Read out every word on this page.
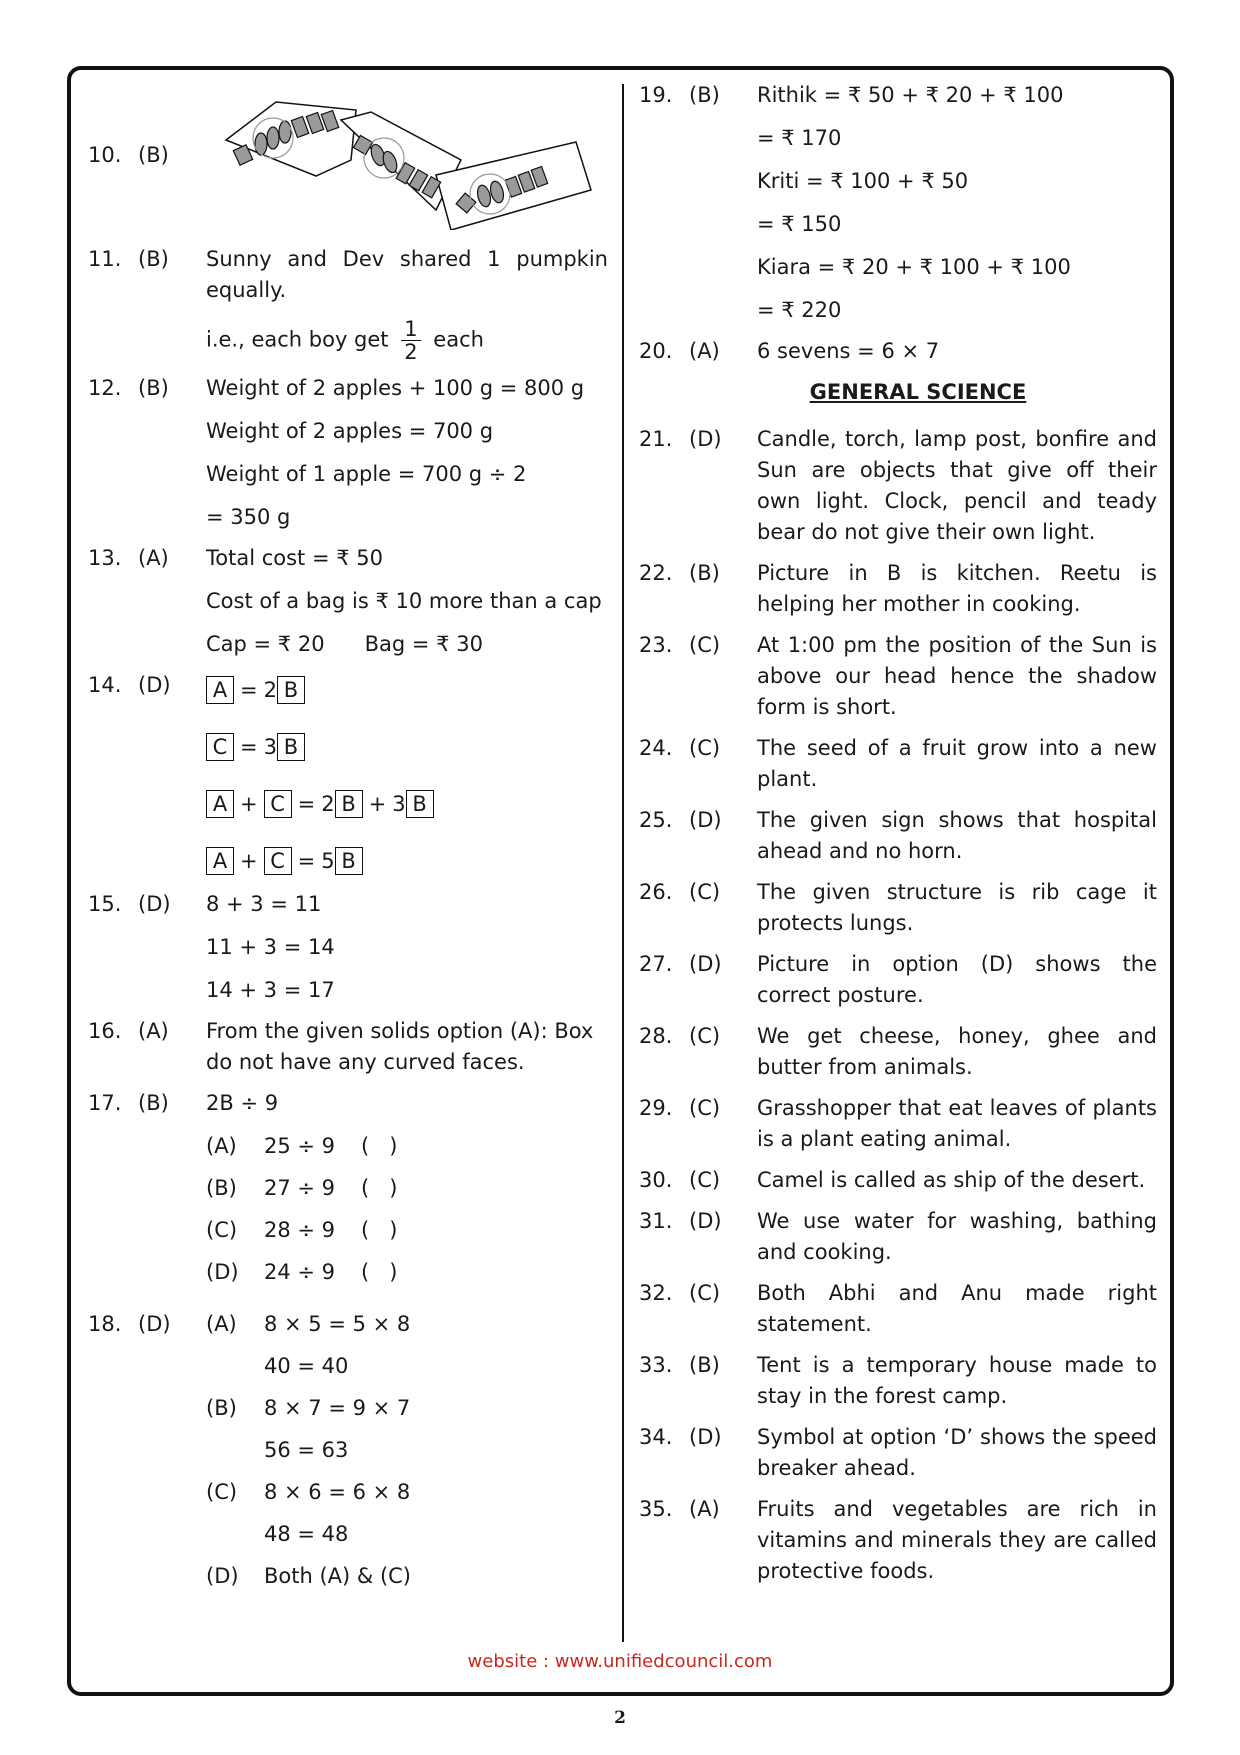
10. (B)
11. (B)	Sunny and Dev shared 1 pumpkin equally.
i.e., each boy get $\frac{1}{2}$ each
12. (B)	Weight of 2 apples + 100 g = 800 g
Weight of 2 apples = 700 g
Weight of 1 apple = 700 g ÷ 2
= 350 g
13. (A)	Total cost = ₹ 50
Cost of a bag is ₹ 10 more than a cap
Cap = ₹ 20      Bag = ₹ 30
14. (D)	A = 2 B
C = 3 B
A + C = 2 B + 3 B
A + C = 5 B
15. (D)	8 + 3 = 11
11 + 3 = 14
14 + 3 = 17
16. (A)	From the given solids option (A): Box do not have any curved faces.
17. (B)	2B ÷ 9
(A)	25 ÷ 9 (   )
(B)	27 ÷ 9 (   )
(C)	28 ÷ 9 (   )
(D)	24 ÷ 9 (   )
18. (D)	(A)	8 × 5 = 5 × 8
40 = 40
(B)	8 × 7 = 9 × 7
56 = 63
(C)	8 × 6 = 6 × 8
48 = 48
(D)	Both (A) & (C)
19. (B)	Rithik = ₹ 50 + ₹ 20 + ₹ 100
= ₹ 170
Kriti = ₹ 100 + ₹ 50
= ₹ 150
Kiara = ₹ 20 + ₹ 100 + ₹ 100
= ₹ 220
20. (A)	6 sevens = 6 × 7
GENERAL SCIENCE
21. (D)	Candle, torch, lamp post, bonfire and Sun are objects that give off their own light. Clock, pencil and teady bear do not give their own light.
22. (B)	Picture in B is kitchen. Reetu is helping her mother in cooking.
23. (C)	At 1:00 pm the position of the Sun is above our head hence the shadow form is short.
24. (C)	The seed of a fruit grow into a new plant.
25. (D)	The given sign shows that hospital ahead and no horn.
26. (C)	The given structure is rib cage it protects lungs.
27. (D)	Picture in option (D) shows the correct posture.
28. (C)	We get cheese, honey, ghee and butter from animals.
29. (C)	Grasshopper that eat leaves of plants is a plant eating animal.
30. (C)	Camel is called as ship of the desert.
31. (D)	We use water for washing, bathing and cooking.
32. (C)	Both Abhi and Anu made right statement.
33. (B)	Tent is a temporary house made to stay in the forest camp.
34. (D)	Symbol at option ‘D’ shows the speed breaker ahead.
35. (A)	Fruits and vegetables are rich in vitamins and minerals they are called protective foods.
website : www.unifiedcouncil.com
2
